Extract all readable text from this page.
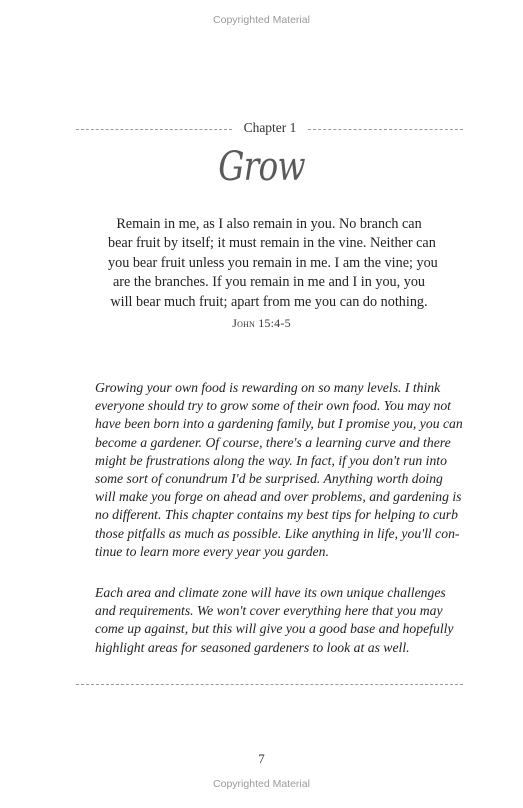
Copyrighted Material
Chapter 1
Grow
Remain in me, as I also remain in you. No branch can
bear fruit by itself; it must remain in the vine. Neither can
you bear fruit unless you remain in me. I am the vine; you
are the branches. If you remain in me and I in you, you
will bear much fruit; apart from me you can do nothing.
John 15:4-5
Growing your own food is rewarding on so many levels. I think
everyone should try to grow some of their own food. You may not
have been born into a gardening family, but I promise you, you can
become a gardener. Of course, there's a learning curve and there
might be frustrations along the way. In fact, if you don't run into
some sort of conundrum I'd be surprised. Anything worth doing
will make you forge on ahead and over problems, and gardening is
no different. This chapter contains my best tips for helping to curb
those pitfalls as much as possible. Like anything in life, you'll con-
tinue to learn more every year you garden.
Each area and climate zone will have its own unique challenges
and requirements. We won't cover everything here that you may
come up against, but this will give you a good base and hopefully
highlight areas for seasoned gardeners to look at as well.
7
Copyrighted Material
